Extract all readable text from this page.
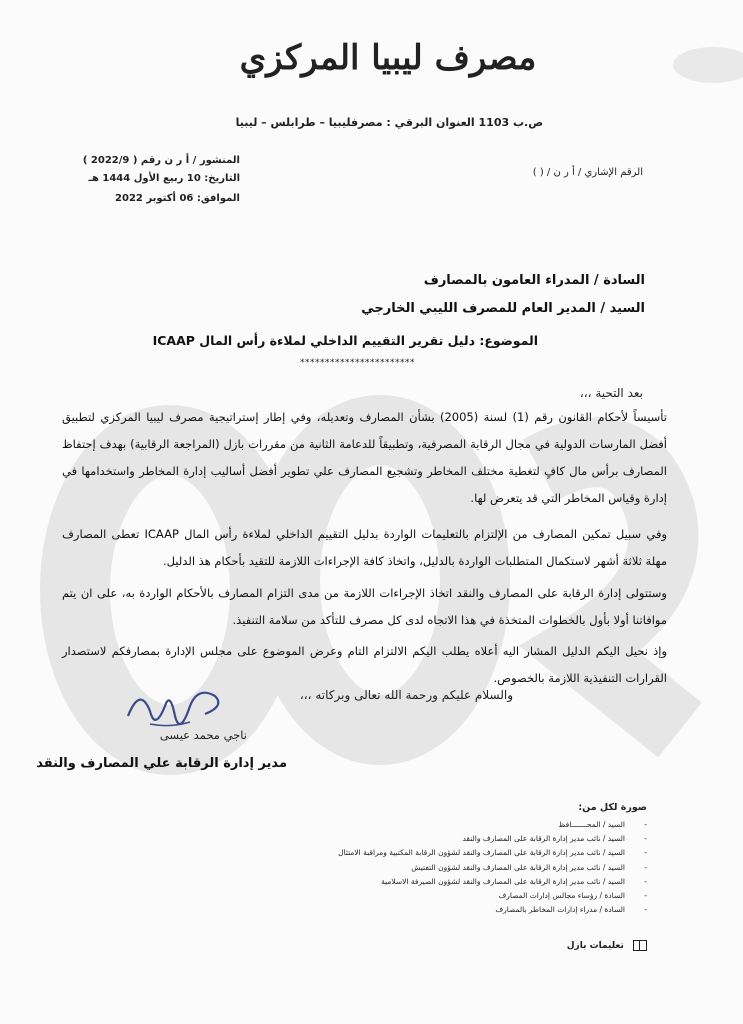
مصرف ليبيا المركزي
ص.ب 1103 العنوان البرقي : مصرفليبيا – طرابلس – ليبيا
الرقم الإشاري / أ ر ن / ( )
المنشور / أ ر ن رقم ( 2022/9 )
التاريخ: 10 ربيع الأول 1444 هـ
الموافق: 06 أكتوبر 2022
السادة / المدراء العامون بالمصارف
السيد / المدير العام للمصرف الليبي الخارجي
الموضوع: دليل تقرير التقييم الداخلي لملاءة رأس المال ICAAP
***********************
بعد التحية ،،،
تأسيساً لأحكام القانون رقم (1) لسنة (2005) بشأن المصارف وتعديله، وفي إطار إستراتيجية مصرف ليبيا المركزي لتطبيق أفضل المارسات الدولية في مجال الرقابة المصرفية، وتطبيقاً للدعامة الثانية من مقررات بازل (المراجعة الرقابية) بهدف إحتفاظ المصارف برأس مال كافٍ لتغطية مختلف المخاطر وتشجيع المصارف علي تطوير أفضل أساليب إدارة المخاطر واستخدامها في إدارة وقياس المخاطر التي قد يتعرض لها.
وفي سبيل تمكين المصارف من الإلتزام بالتعليمات الواردة بدليل التقييم الداخلي لملاءة رأس المال ICAAP تعطى المصارف مهلة ثلاثة أشهر لاستكمال المتطلبات الواردة بالدليل، واتخاذ كافة الإجراءات اللازمة للتقيد بأحكام هذ الدليل.
وستتولى إدارة الرقابة على المصارف والنقد اتخاذ الإجراءات اللازمة من مدى التزام المصارف بالأحكام الواردة به، على ان يتم موافاتنا أولا بأول بالخطوات المتخذة في هذا الاتجاه لدى كل مصرف للتأكد من سلامة التنفيذ.
وإذ نحيل اليكم الدليل المشار اليه أعلاه يطلب اليكم الالتزام التام وعرض الموضوع على مجلس الإدارة بمصارفكم لاستصدار القرارات التنفيذية اللازمة بالخصوص.
والسلام عليكم ورحمة الله تعالى وبركاته ،،،
ناجي محمد عيسى
مدير إدارة الرقابة علي المصارف والنقد
صورة لكل من:
-السيد / المحـــــــافظ
-السيد / نائب مدير إدارة الرقابة على المصارف والنقد
-السيد / نائب مدير إدارة الرقابة على المصارف والنقد لشؤون الرقابة المكتبية ومراقبة الامتثال
-السيد / نائب مدير إدارة الرقابة على المصارف والنقد لشؤون التفتيش
-السيد / نائب مدير إدارة الرقابة على المصارف والنقد لشؤون الصيرفة الاسلامية
-السادة / رؤساء مجالس إدارات المصارف
-السادة / مدراء إدارات المخاطر بالمصارف
تعليمات بازل
